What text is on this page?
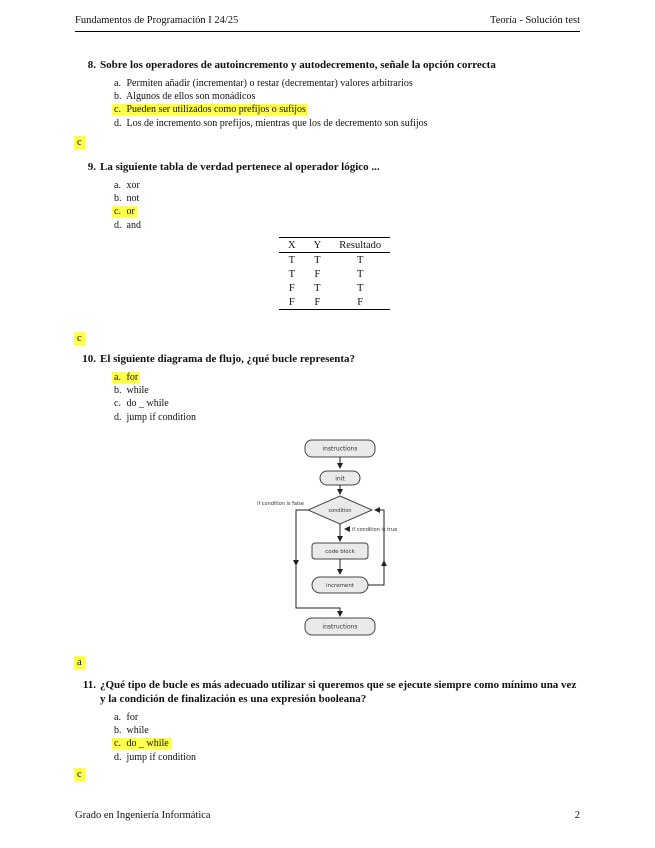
Fundamentos de Programación I 24/25	Teoría - Solución test
8. Sobre los operadores de autoincremento y autodecremento, señale la opción correcta
a. Permiten añadir (incrementar) o restar (decrementar) valores arbitrarios
b. Algunos de ellos son monádicos
c. Pueden ser utilizados como prefijos o sufijos
d. Los de incremento son prefijos, mientras que los de decremento son sufijos
c
9. La siguiente tabla de verdad pertenece al operador lógico ...
a. xor
b. not
c. or
d. and
X	Y	Resultado
T	T	T
T	F	T
F	T	T
F	F	F
c
10. El siguiente diagrama de flujo, ¿qué bucle representa?
a. for
b. while
c. do _ while
d. jump if condition
instructions
init
condition
if condition is false
if condition is true
code block
increment
instructions
a
11. ¿Qué tipo de bucle es más adecuado utilizar si queremos que se ejecute siempre como mínimo una vez y la condición de finalización es una expresión booleana?
a. for
b. while
c. do _ while
d. jump if condition
c
Grado en Ingeniería Informática	2
